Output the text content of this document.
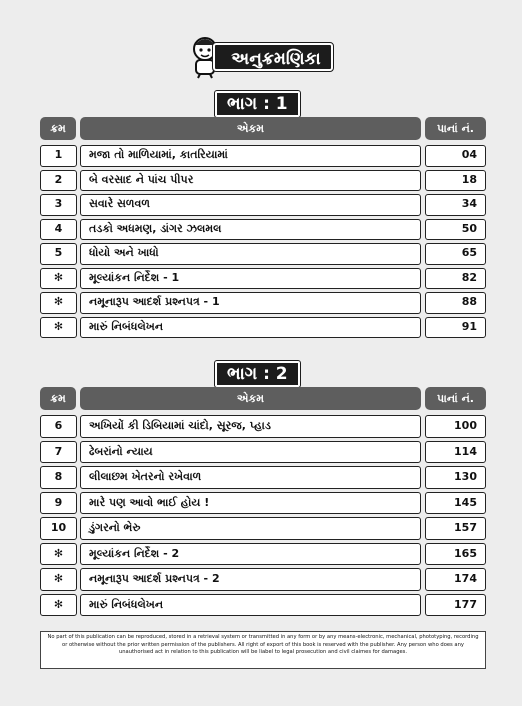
અનુક્રમણિકા
ભાગ : 1
ક્રમ	એકમ	પાનાં નં.
1	મજા તો માળિયામાં, કાતરિયામાં	04
2	બે વરસાદ ને પાંચ પીપર	18
3	સવારે સળવળ	34
4	તડકો અધમણ, ડાંગર ઝલમલ	50
5	ધોયો અને ખાધો	65
✻	મૂલ્યાંકન નિર્દેશ - 1	82
✻	નમૂનારૂપ આદર્શ પ્રશ્નપત્ર - 1	88
✻	મારું નિબંધલેખન	91
ભાગ : 2
ક્રમ	એકમ	પાનાં નં.
6	અખિયોં કી ડિબિયામાં ચાંદો, સૂરજ, પ્હાડ	100
7	ઢેબરાંનો ન્યાય	114
8	લીલાછમ ખેતરનો રખેવાળ	130
9	મારે પણ આવો ભાઈ હોય !	145
10	ડુંગરનો ભેરુ	157
✻	મૂલ્યાંકન નિર્દેશ - 2	165
✻	નમૂનારૂપ આદર્શ પ્રશ્નપત્ર - 2	174
✻	મારું નિબંધલેખન	177
No part of this publication can be reproduced, stored in a retrieval system or transmitted in any form or by any means-electronic, mechanical, phototyping, recording or otherwise without the prior written permission of the publishers. All right of export of this book is reserved with the publisher. Any person who does any unauthorised act in relation to this publication will be liabel to legal prosecution and civil claimes for damages.
